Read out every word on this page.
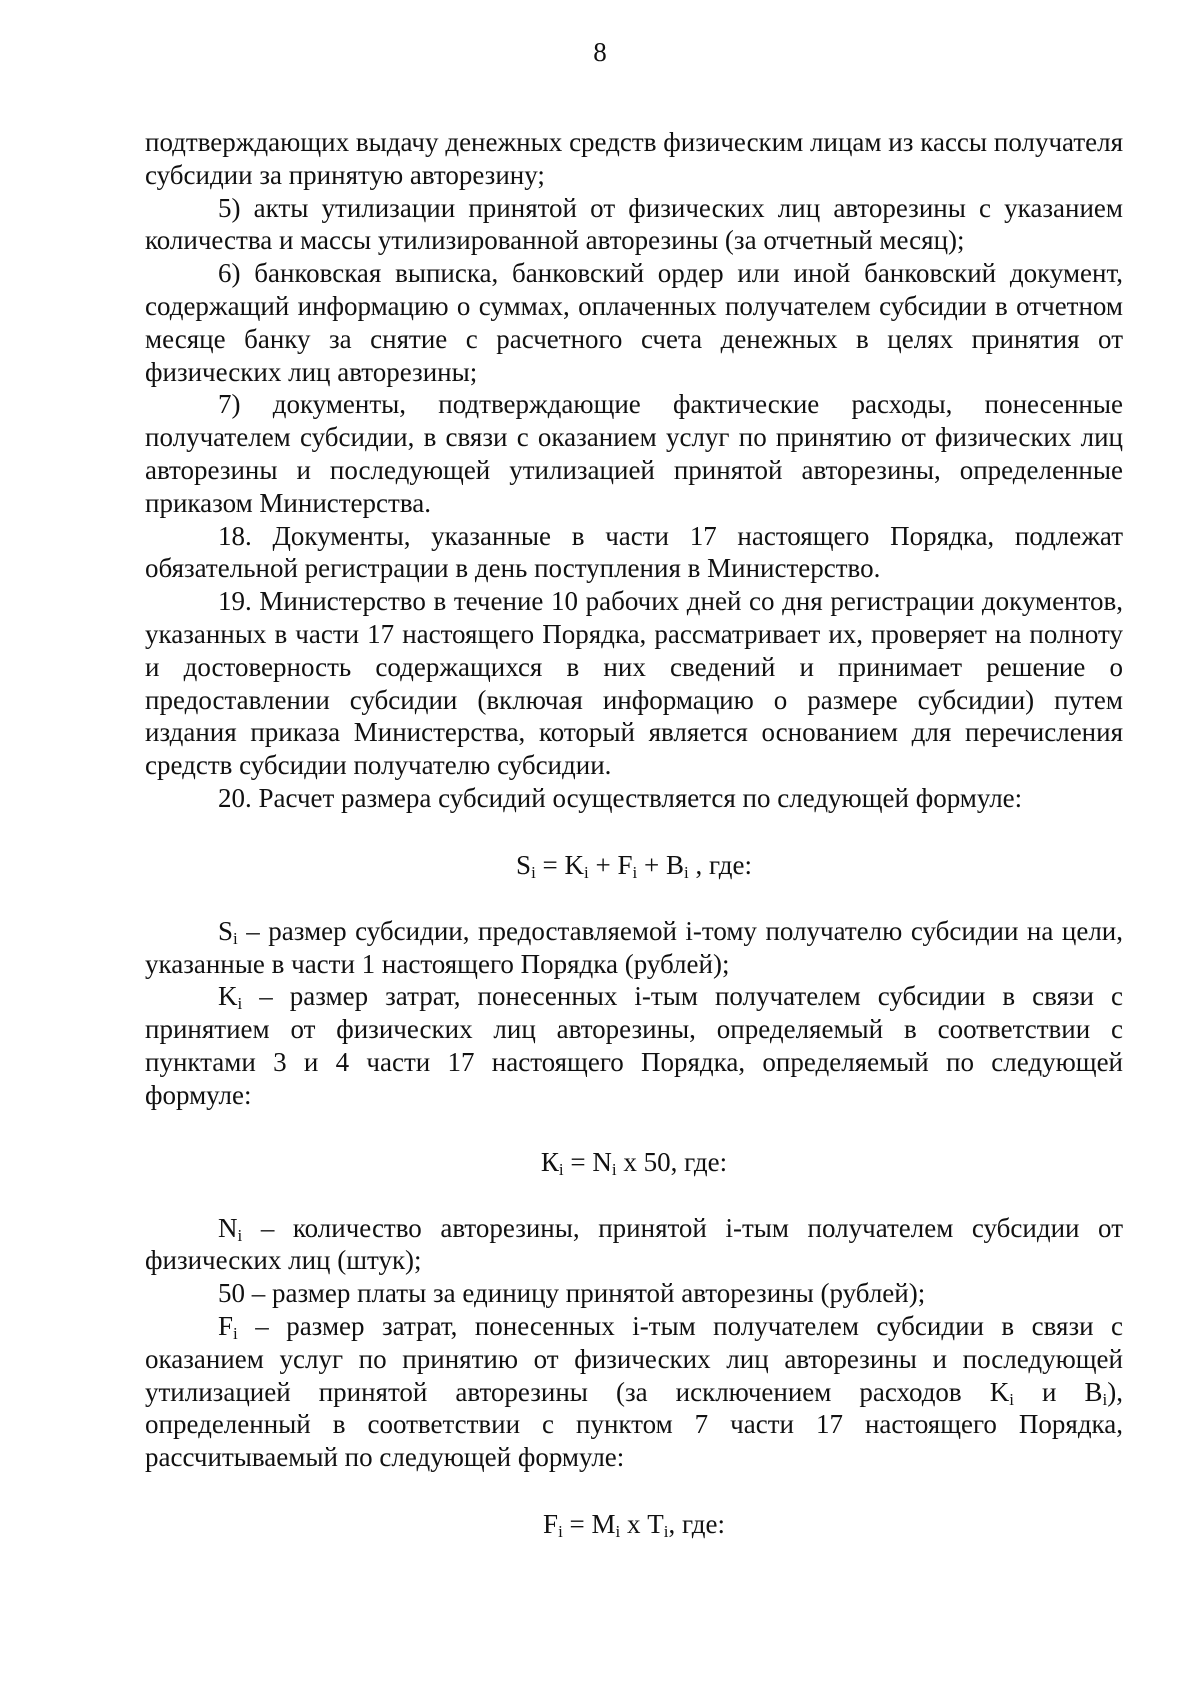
8

подтверждающих выдачу денежных средств физическим лицам из кассы получателя субсидии за принятую авторезину;

5) акты утилизации принятой от физических лиц авторезины с указанием количества и массы утилизированной авторезины (за отчетный месяц);

6) банковская выписка, банковский ордер или иной банковский документ, содержащий информацию о суммах, оплаченных получателем субсидии в отчетном месяце банку за снятие с расчетного счета денежных в целях принятия от физических лиц авторезины;

7) документы, подтверждающие фактические расходы, понесенные получателем субсидии, в связи с оказанием услуг по принятию от физических лиц авторезины и последующей утилизацией принятой авторезины, определенные приказом Министерства.

18. Документы, указанные в части 17 настоящего Порядка, подлежат обязательной регистрации в день поступления в Министерство.

19. Министерство в течение 10 рабочих дней со дня регистрации документов, указанных в части 17 настоящего Порядка, рассматривает их, проверяет на полноту и достоверность содержащихся в них сведений и принимает решение о предоставлении субсидии (включая информацию о размере субсидии) путем издания приказа Министерства, который является основанием для перечисления средств субсидии получателю субсидии.

20. Расчет размера субсидий осуществляется по следующей формуле:

$S_i = K_i + F_i + B_i$ , где:

$S_i$ – размер субсидии, предоставляемой i-тому получателю субсидии на цели, указанные в части 1 настоящего Порядка (рублей);

$K_i$ – размер затрат, понесенных i-тым получателем субсидии в связи с принятием от физических лиц авторезины, определяемый в соответствии с пунктами 3 и 4 части 17 настоящего Порядка, определяемый по следующей формуле:

$К_i = N_i$ х 50, где:

$N_i$ – количество авторезины, принятой i-тым получателем субсидии от физических лиц (штук);

50 – размер платы за единицу принятой авторезины (рублей);

$F_i$ – размер затрат, понесенных i-тым получателем субсидии в связи с оказанием услуг по принятию от физических лиц авторезины и последующей утилизацией принятой авторезины (за исключением расходов $K_i$ и $B_i$), определенный в соответствии с пунктом 7 части 17 настоящего Порядка, рассчитываемый по следующей формуле:

$F_i = M_i$ х $T_i$, где:
